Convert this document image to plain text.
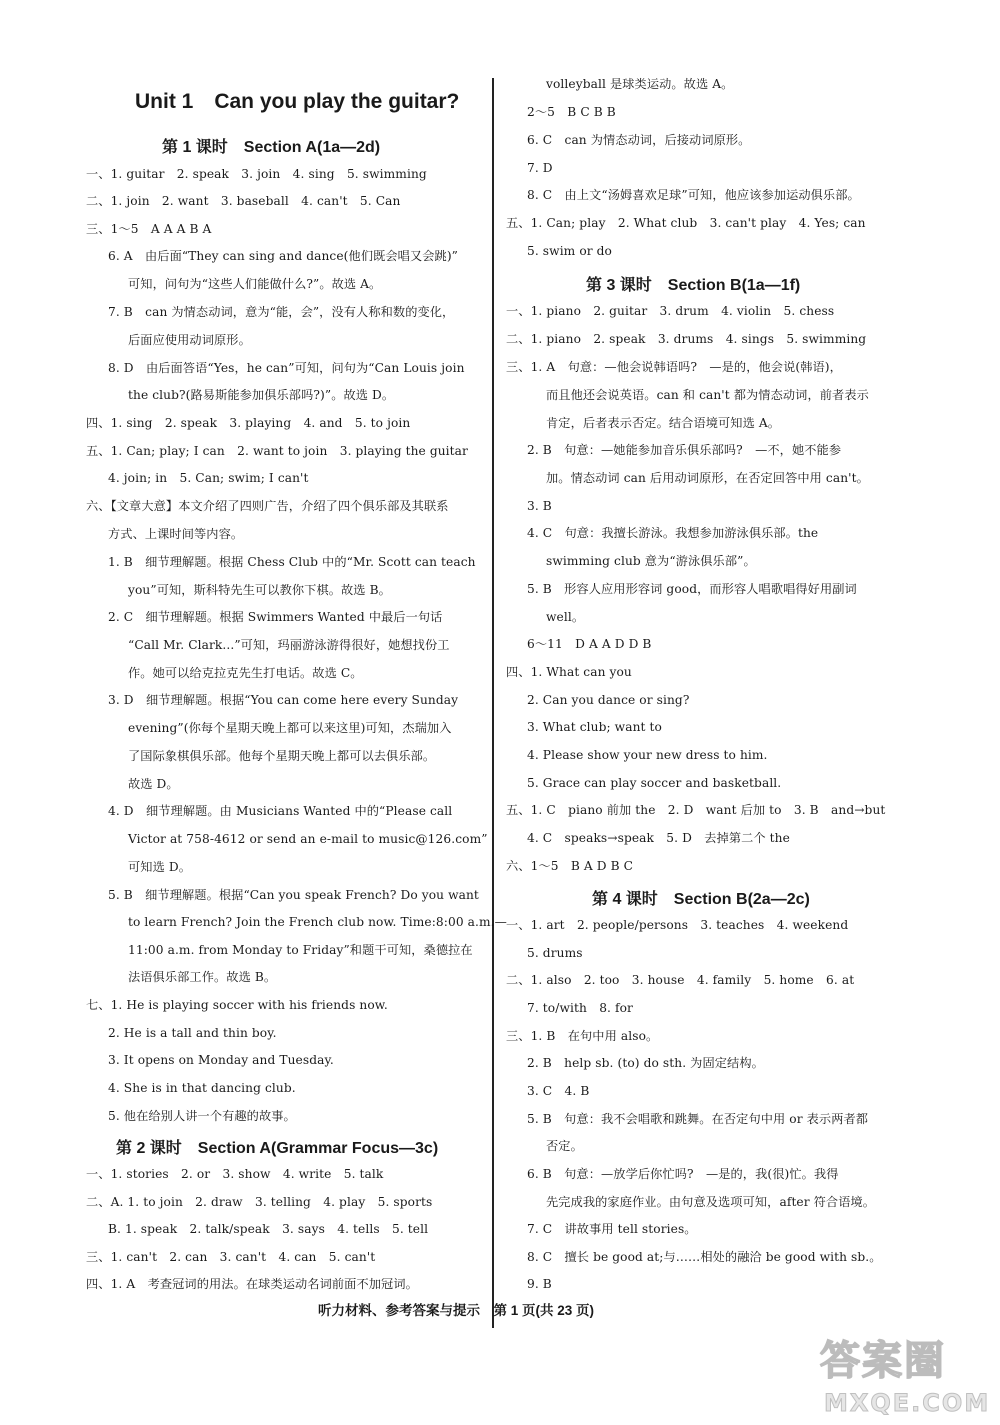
Unit 1　Can you play the guitar?
第 1 课时　Section A(1a—2d)
一、1. guitar　2. speak　3. join　4. sing　5. swimming
二、1. join　2. want　3. baseball　4. can't　5. Can
三、1～5　A A A B A
6. A　由后面“They can sing and dance(他们既会唱又会跳)”
可知，问句为“这些人们能做什么?”。故选 A。
7. B　can 为情态动词，意为“能，会”，没有人称和数的变化，
后面应使用动词原形。
8. D　由后面答语“Yes，he can”可知，问句为“Can Louis join
the club?(路易斯能参加俱乐部吗?)”。故选 D。
四、1. sing　2. speak　3. playing　4. and　5. to join
五、1. Can; play; I can　2. want to join　3. playing the guitar
4. join; in　5. Can; swim; I can't
六、【文章大意】本文介绍了四则广告，介绍了四个俱乐部及其联系
方式、上课时间等内容。
1. B　细节理解题。根据 Chess Club 中的“Mr. Scott can teach
you”可知，斯科特先生可以教你下棋。故选 B。
2. C　细节理解题。根据 Swimmers Wanted 中最后一句话
“Call Mr. Clark...”可知，玛丽游泳游得很好，她想找份工
作。她可以给克拉克先生打电话。故选 C。
3. D　细节理解题。根据“You can come here every Sunday
evening”(你每个星期天晚上都可以来这里)可知，杰瑞加入
了国际象棋俱乐部。他每个星期天晚上都可以去俱乐部。
故选 D。
4. D　细节理解题。由 Musicians Wanted 中的“Please call
Victor at 758-4612 or send an e-mail to music@126.com”
可知选 D。
5. B　细节理解题。根据“Can you speak French? Do you want
to learn French? Join the French club now. Time:8:00 a.m.—
11:00 a.m. from Monday to Friday”和题干可知，桑德拉在
法语俱乐部工作。故选 B。
七、1. He is playing soccer with his friends now.
2. He is a tall and thin boy.
3. It opens on Monday and Tuesday.
4. She is in that dancing club.
5. 他在给别人讲一个有趣的故事。
第 2 课时　Section A(Grammar Focus—3c)
一、1. stories　2. or　3. show　4. write　5. talk
二、A. 1. to join　2. draw　3. telling　4. play　5. sports
B. 1. speak　2. talk/speak　3. says　4. tells　5. tell
三、1. can't　2. can　3. can't　4. can　5. can't
四、1. A　考查冠词的用法。在球类运动名词前面不加冠词。
volleyball 是球类运动。故选 A。
2～5　B C B B
6. C　can 为情态动词，后接动词原形。
7. D
8. C　由上文“汤姆喜欢足球”可知，他应该参加运动俱乐部。
五、1. Can; play　2. What club　3. can't play　4. Yes; can
5. swim or do
第 3 课时　Section B(1a—1f)
一、1. piano　2. guitar　3. drum　4. violin　5. chess
二、1. piano　2. speak　3. drums　4. sings　5. swimming
三、1. A　句意：—他会说韩语吗?　—是的，他会说(韩语)，
而且他还会说英语。can 和 can't 都为情态动词，前者表示
肯定，后者表示否定。结合语境可知选 A。
2. B　句意：—她能参加音乐俱乐部吗?　—不，她不能参
加。情态动词 can 后用动词原形，在否定回答中用 can't。
3. B
4. C　句意：我擅长游泳。我想参加游泳俱乐部。the
swimming club 意为“游泳俱乐部”。
5. B　形容人应用形容词 good，而形容人唱歌唱得好用副词
well。
6～11　D A A D D B
四、1. What can you
2. Can you dance or sing?
3. What club; want to
4. Please show your new dress to him.
5. Grace can play soccer and basketball.
五、1. C　piano 前加 the　2. D　want 后加 to　3. B　and→but
4. C　speaks→speak　5. D　去掉第二个 the
六、1～5　B A D B C
第 4 课时　Section B(2a—2c)
一、1. art　2. people/persons　3. teaches　4. weekend
5. drums
二、1. also　2. too　3. house　4. family　5. home　6. at
7. to/with　8. for
三、1. B　在句中用 also。
2. B　help sb. (to) do sth. 为固定结构。
3. C　4. B
5. B　句意：我不会唱歌和跳舞。在否定句中用 or 表示两者都
否定。
6. B　句意：—放学后你忙吗?　—是的，我(很)忙。我得
先完成我的家庭作业。由句意及选项可知，after 符合语境。
7. C　讲故事用 tell stories。
8. C　擅长 be good at;与……相处的融洽 be good with sb.。
9. B
听力材料、参考答案与提示　第 1 页(共 23 页)
答案圈
MXQE.COM
